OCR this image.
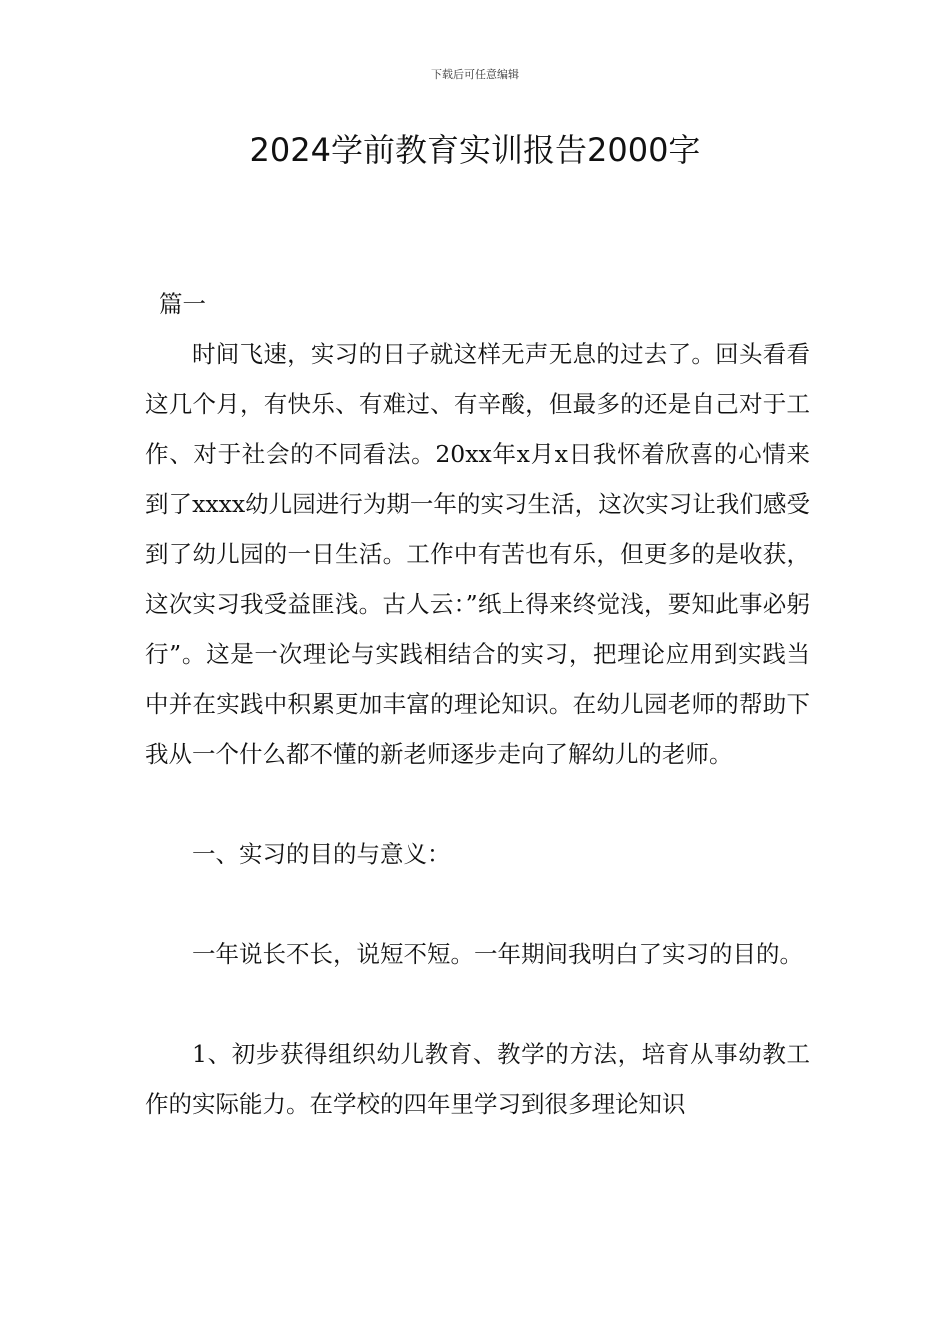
下载后可任意编辑
2024学前教育实训报告2000字

篇一

时间飞速，实习的日子就这样无声无息的过去了。回头看看这几个月，有快乐、有难过、有辛酸，但最多的还是自己对于工作、对于社会的不同看法。20xx年x月x日我怀着欣喜的心情来到了xxxx幼儿园进行为期一年的实习生活，这次实习让我们感受到了幼儿园的一日生活。工作中有苦也有乐，但更多的是收获，这次实习我受益匪浅。古人云：”纸上得来终觉浅，要知此事必躬行”。这是一次理论与实践相结合的实习，把理论应用到实践当中并在实践中积累更加丰富的理论知识。在幼儿园老师的帮助下我从一个什么都不懂的新老师逐步走向了解幼儿的老师。

一、实习的目的与意义：

一年说长不长，说短不短。一年期间我明白了实习的目的。

1、初步获得组织幼儿教育、教学的方法，培育从事幼教工作的实际能力。在学校的四年里学习到很多理论知识
